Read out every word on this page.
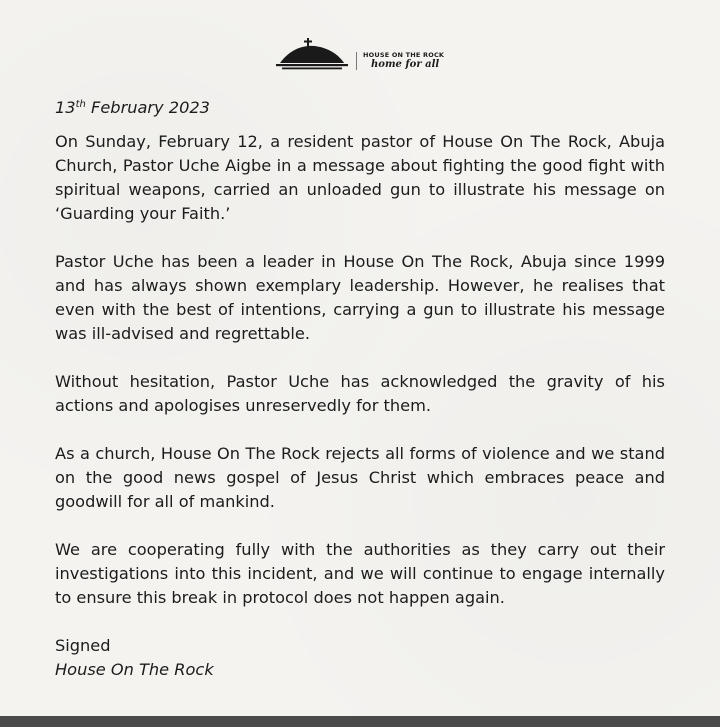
HOUSE ON THE ROCK
home for all

13th February 2023

On Sunday, February 12, a resident pastor of House On The Rock, Abuja Church, Pastor Uche Aigbe in a message about fighting the good fight with spiritual weapons, carried an unloaded gun to illustrate his message on ‘Guarding your Faith.’

Pastor Uche has been a leader in House On The Rock, Abuja since 1999 and has always shown exemplary leadership. However, he realises that even with the best of intentions, carrying a gun to illustrate his message was ill-advised and regrettable.

Without hesitation, Pastor Uche has acknowledged the gravity of his actions and apologises unreservedly for them.

As a church, House On The Rock rejects all forms of violence and we stand on the good news gospel of Jesus Christ which embraces peace and goodwill for all of mankind.

We are cooperating fully with the authorities as they carry out their investigations into this incident, and we will continue to engage internally to ensure this break in protocol does not happen again.

Signed

House On The Rock
